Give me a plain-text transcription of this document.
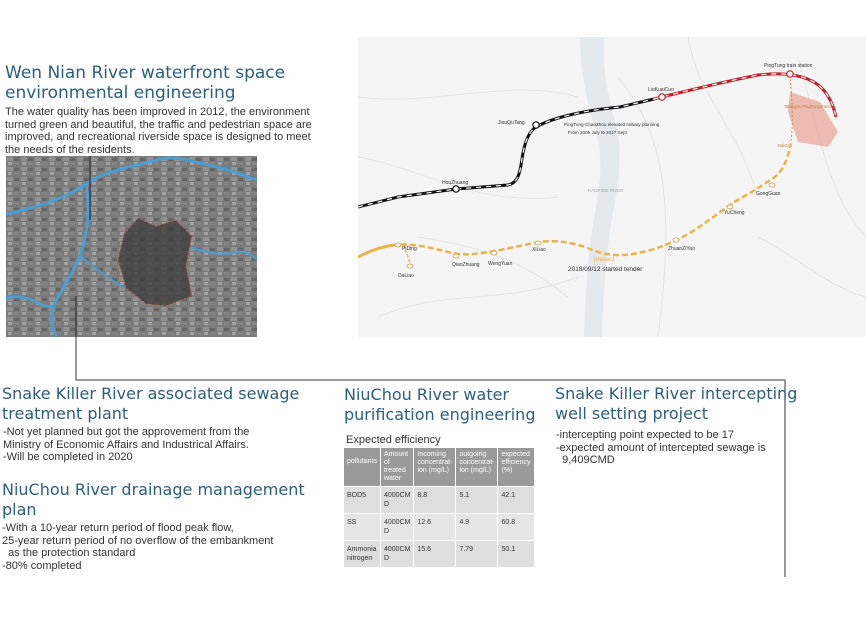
Wen Nian River waterfront space
environmental engineering
The water quality has been improved in 2012, the environment
turned green and beautiful, the traffic and pedestrian space are
improved, and recreational riverside space is designed to meet
the needs of the residents.
KAOPING RIVER
JiouQuTang
HouZhuang
LiuKuaiCuo
PingTung train station
Taihegan PingTung Factory
DaiGao
PingTung-ChaoZhou elevated railway planning
From 2005 July to 2017 Sept
GongGuan
YuCheng
PiDing
DaLiao
QianZhuang WengYuan
XiLiao	ZhuanZiYao
phase1
2018/09/12 started tender
Snake Killer River associated sewage
treatment plant
-Not yet planned but got the approvement from the
Ministry of Economic Affairs and Industrical Affairs.
-Will be completed in 2020
NiuChou River drainage management plan
-With a 10-year return period of flood peak flow,
25-year return period of no overflow of the embankment
as the protection standard
-80% completed
NiuChou River water
purification engineering
Expected efficiency
pollutants	Amount of treated water	Incoming concentrat-ion (mg/L)	outgoing concentrat-ion (mg/L)	expected efficiency (%)
BOD5	4000CM
D	8.8	5.1	42.1
SS	4000CM
D	12.6	4.9	60.8
Ammonia
nitrogen	4000CM
D	15.6	7.79	50.1
Snake Killer River intercepting
well setting project
-intercepting point expected to be 17
-expected amount of intercepted sewage is
9,409CMD
